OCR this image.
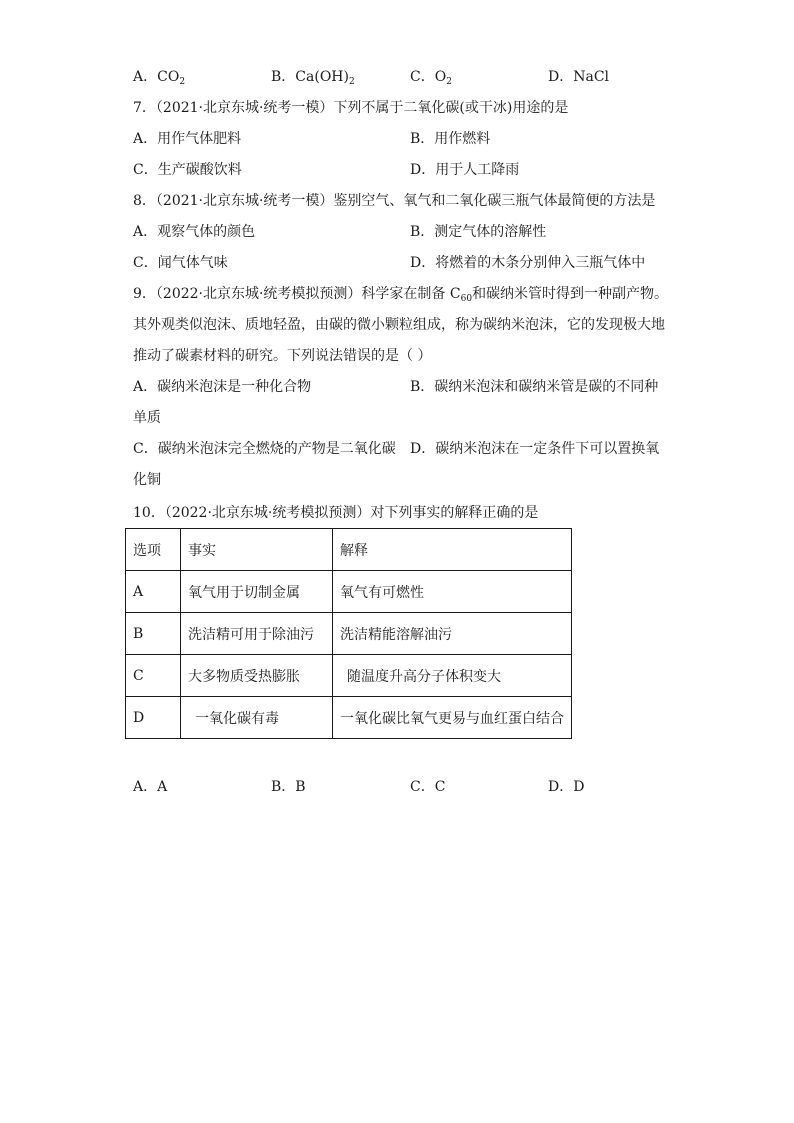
A．$CO_2$	B．$Ca(OH)_2$	C．$O_2$	D．NaCl
7．（2021·北京东城·统考一模）下列不属于二氧化碳(或干冰)用途的是
A．用作气体肥料	B．用作燃料
C．生产碳酸饮料	D．用于人工降雨
8．（2021·北京东城·统考一模）鉴别空气、氧气和二氧化碳三瓶气体最简便的方法是
A．观察气体的颜色	B．测定气体的溶解性
C．闻气体气味	D．将燃着的木条分别伸入三瓶气体中
9．（2022·北京东城·统考模拟预测）科学家在制备 $C_{60}$和碳纳米管时得到一种副产物。
其外观类似泡沫、质地轻盈，由碳的微小颗粒组成，称为碳纳米泡沫，它的发现极大地
推动了碳素材料的研究。下列说法错误的是（ ）
A．碳纳米泡沫是一种化合物	B．碳纳米泡沫和碳纳米管是碳的不同种
单质
C．碳纳米泡沫完全燃烧的产物是二氧化碳 D．碳纳米泡沫在一定条件下可以置换氧
化铜
10．（2022·北京东城·统考模拟预测）对下列事实的解释正确的是
选项	事实	解释
A	氧气用于切制金属	氧气有可燃性
B	洗洁精可用于除油污	洗洁精能溶解油污
C	大多物质受热膨胀	随温度升高分子体积变大
D	一氧化碳有毒	一氧化碳比氧气更易与血红蛋白结合
A．A	B．B	C．C	D．D
